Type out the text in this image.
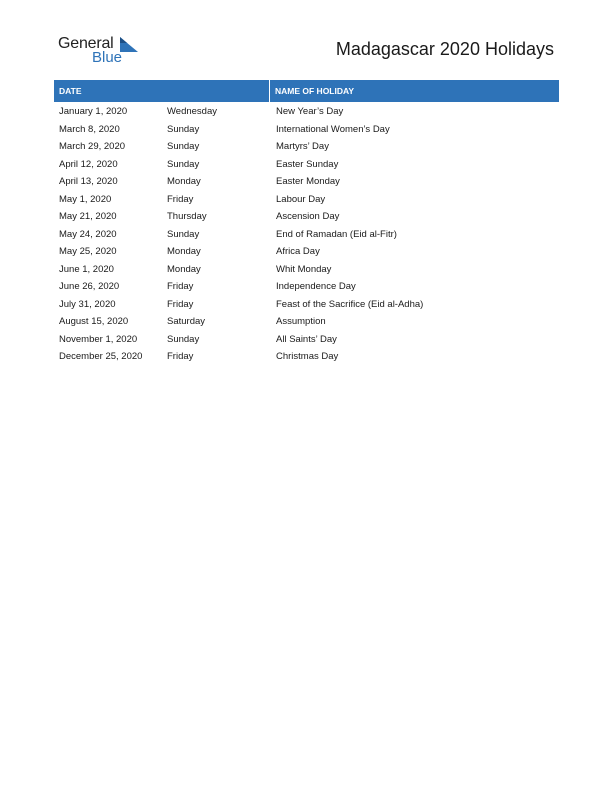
General
Blue	Madagascar 2020 Holidays
DATE	NAME OF HOLIDAY
January 1, 2020	Wednesday	New Year’s Day
March 8, 2020	Sunday	International Women’s Day
March 29, 2020	Sunday	Martyrs’ Day
April 12, 2020	Sunday	Easter Sunday
April 13, 2020	Monday	Easter Monday
May 1, 2020	Friday	Labour Day
May 21, 2020	Thursday	Ascension Day
May 24, 2020	Sunday	End of Ramadan (Eid al-Fitr)
May 25, 2020	Monday	Africa Day
June 1, 2020	Monday	Whit Monday
June 26, 2020	Friday	Independence Day
July 31, 2020	Friday	Feast of the Sacrifice (Eid al-Adha)
August 15, 2020	Saturday	Assumption
November 1, 2020	Sunday	All Saints’ Day
December 25, 2020	Friday	Christmas Day
